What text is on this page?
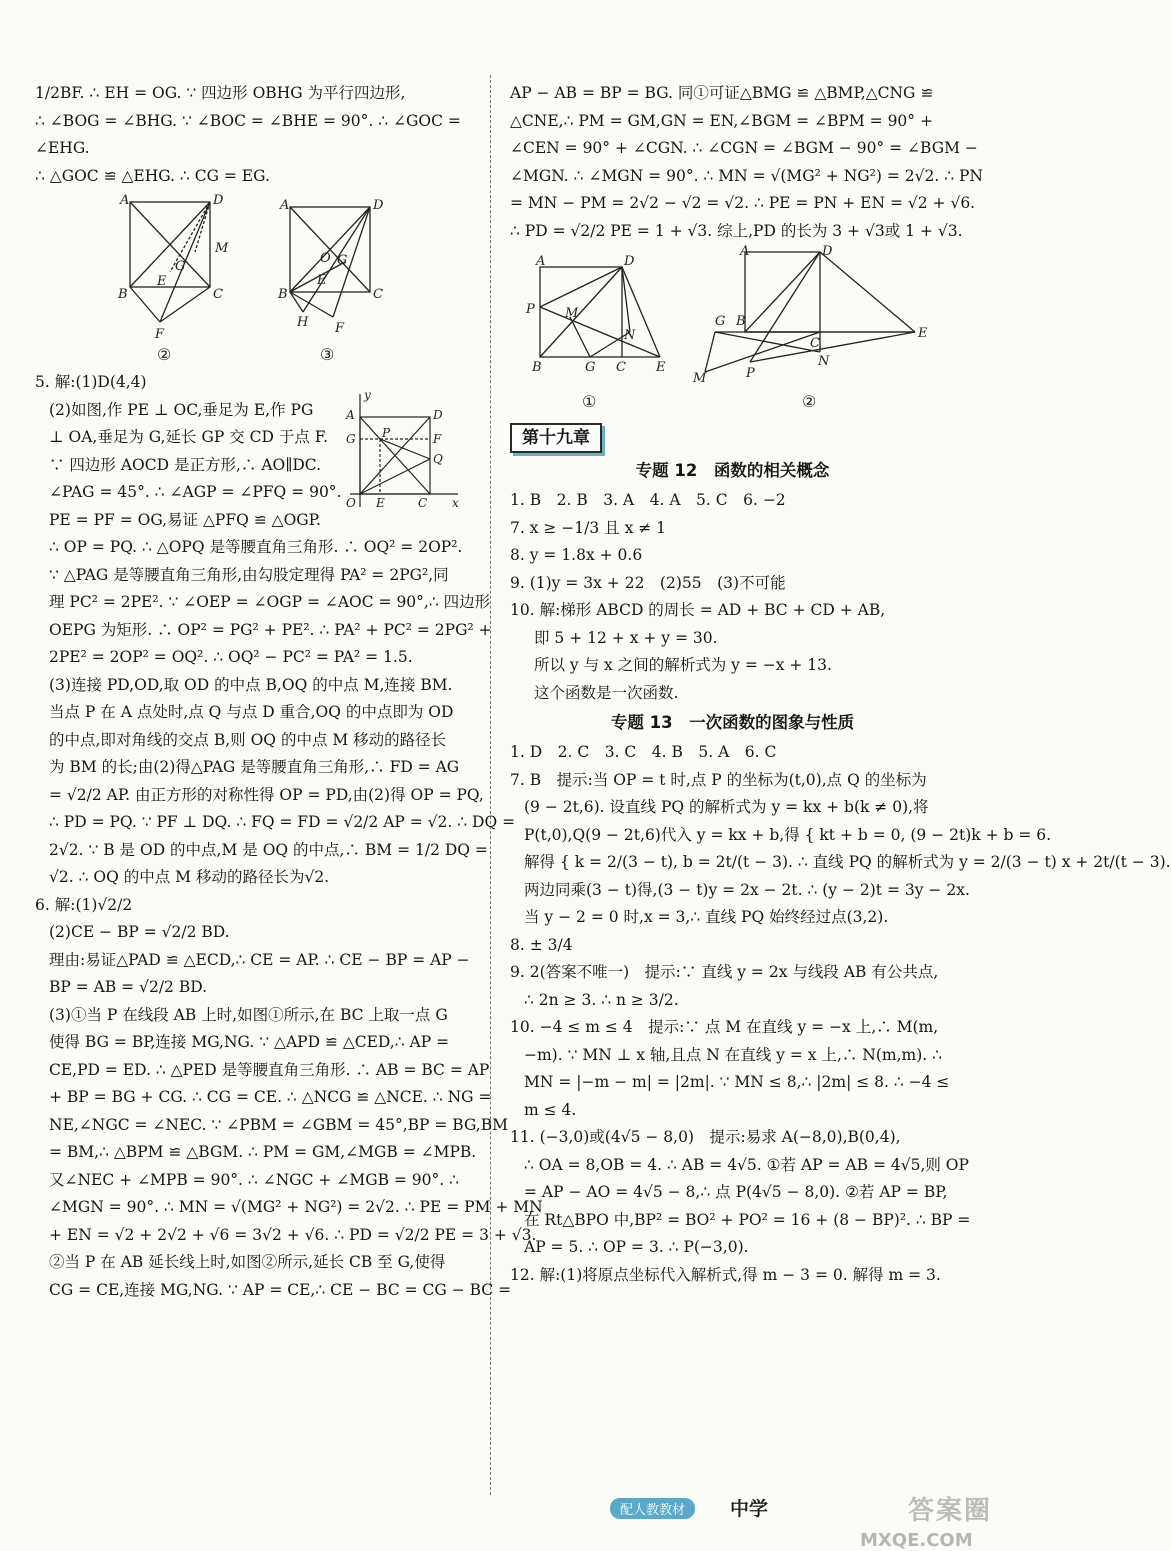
1/2BF. ∴ EH = OG. ∵ 四边形 OBHG 为平行四边形,
∴ ∠BOG = ∠BHG. ∵ ∠BOC = ∠BHE = 90°. ∴ ∠GOC =
∠EHG.
∴ △GOC ≌ △EHG. ∴ CG = EG.
A	D
B	C
F
M
G
E
A	D
B	C
H F
O G
E
②	③
y
x
O E	C
A
G
D
F
Q
P
5. 解:(1)D(4,4)
(2)如图,作 PE ⊥ OC,垂足为 E,作 PG
⊥ OA,垂足为 G,延长 GP 交 CD 于点 F.
∵ 四边形 AOCD 是正方形,∴ AO∥DC.
∠PAG = 45°. ∴ ∠AGP = ∠PFQ = 90°.
PE = PF = OG,易证 △PFQ ≌ △OGP.
∴ OP = PQ. ∴ △OPQ 是等腰直角三角形. ∴ OQ² = 2OP².
∵ △PAG 是等腰直角三角形,由勾股定理得 PA² = 2PG²,同
理 PC² = 2PE². ∵ ∠OEP = ∠OGP = ∠AOC = 90°,∴ 四边形
OEPG 为矩形. ∴ OP² = PG² + PE². ∴ PA² + PC² = 2PG² +
2PE² = 2OP² = OQ². ∴ OQ² − PC² = PA² = 1.5.
(3)连接 PD,OD,取 OD 的中点 B,OQ 的中点 M,连接 BM.
当点 P 在 A 点处时,点 Q 与点 D 重合,OQ 的中点即为 OD
的中点,即对角线的交点 B,则 OQ 的中点 M 移动的路径长
为 BM 的长;由(2)得△PAG 是等腰直角三角形,∴ FD = AG
= √2/2 AP. 由正方形的对称性得 OP = PD,由(2)得 OP = PQ,
∴ PD = PQ. ∵ PF ⊥ DQ. ∴ FQ = FD = √2/2 AP = √2. ∴ DQ =
2√2. ∵ B 是 OD 的中点,M 是 OQ 的中点,∴ BM = 1/2 DQ =
√2. ∴ OQ 的中点 M 移动的路径长为√2.
6. 解:(1)√2/2
(2)CE − BP = √2/2 BD.
理由:易证△PAD ≌ △ECD,∴ CE = AP. ∴ CE − BP = AP −
BP = AB = √2/2 BD.
(3)①当 P 在线段 AB 上时,如图①所示,在 BC 上取一点 G
使得 BG = BP,连接 MG,NG. ∵ △APD ≌ △CED,∴ AP =
CE,PD = ED. ∴ △PED 是等腰直角三角形. ∴ AB = BC = AP
+ BP = BG + CG. ∴ CG = CE. ∴ △NCG ≌ △NCE. ∴ NG =
NE,∠NGC = ∠NEC. ∵ ∠PBM = ∠GBM = 45°,BP = BG,BM
= BM,∴ △BPM ≌ △BGM. ∴ PM = GM,∠MGB = ∠MPB.
又∠NEC + ∠MPB = 90°. ∴ ∠NGC + ∠MGB = 90°. ∴
∠MGN = 90°. ∴ MN = √(MG² + NG²) = 2√2. ∴ PE = PM + MN
+ EN = √2 + 2√2 + √6 = 3√2 + √6. ∴ PD = √2/2 PE = 3 + √3.
②当 P 在 AB 延长线上时,如图②所示,延长 CB 至 G,使得
CG = CE,连接 MG,NG. ∵ AP = CE,∴ CE − BC = CG − BC =
AP − AB = BP = BG. 同①可证△BMG ≌ △BMP,△CNG ≌
△CNE,∴ PM = GM,GN = EN,∠BGM = ∠BPM = 90° +
∠CEN = 90° + ∠CGN. ∴ ∠CGN = ∠BGM − 90° = ∠BGM −
∠MGN. ∴ ∠MGN = 90°. ∴ MN = √(MG² + NG²) = 2√2. ∴ PN
= MN − PM = 2√2 − √2 = √2. ∴ PE = PN + EN = √2 + √6.
∴ PD = √2/2 PE = 1 + √3. 综上,PD 的长为 3 + √3或 1 + √3.
A	D
P M
B	G C E
N
A	D
G B
C
N
E
M	P
①	②
第十九章
专题 12　函数的相关概念
1. B　2. B　3. A　4. A　5. C　6. −2
7. x ≥ −1/3 且 x ≠ 1
8. y = 1.8x + 0.6
9. (1)y = 3x + 22　(2)55　(3)不可能
10. 解:梯形 ABCD 的周长 = AD + BC + CD + AB,
即 5 + 12 + x + y = 30.
所以 y 与 x 之间的解析式为 y = −x + 13.
这个函数是一次函数.
专题 13　一次函数的图象与性质
1. D　2. C　3. C　4. B　5. A　6. C
7. B　提示:当 OP = t 时,点 P 的坐标为(t,0),点 Q 的坐标为
(9 − 2t,6). 设直线 PQ 的解析式为 y = kx + b(k ≠ 0),将
P(t,0),Q(9 − 2t,6)代入 y = kx + b,得 { kt + b = 0, (9 − 2t)k + b = 6.
解得 { k = 2/(3 − t), b = 2t/(t − 3). ∴ 直线 PQ 的解析式为 y = 2/(3 − t) x + 2t/(t − 3).
两边同乘(3 − t)得,(3 − t)y = 2x − 2t. ∴ (y − 2)t = 3y − 2x.
当 y − 2 = 0 时,x = 3,∴ 直线 PQ 始终经过点(3,2).
8. ± 3/4
9. 2(答案不唯一)　提示:∵ 直线 y = 2x 与线段 AB 有公共点,
∴ 2n ≥ 3. ∴ n ≥ 3/2.
10. −4 ≤ m ≤ 4　提示:∵ 点 M 在直线 y = −x 上,∴ M(m,
−m). ∵ MN ⊥ x 轴,且点 N 在直线 y = x 上,∴ N(m,m). ∴
MN = |−m − m| = |2m|. ∵ MN ≤ 8,∴ |2m| ≤ 8. ∴ −4 ≤
m ≤ 4.
11. (−3,0)或(4√5 − 8,0)　提示:易求 A(−8,0),B(0,4),
∴ OA = 8,OB = 4. ∴ AB = 4√5. ①若 AP = AB = 4√5,则 OP
= AP − AO = 4√5 − 8,∴ 点 P(4√5 − 8,0). ②若 AP = BP,
在 Rt△BPO 中,BP² = BO² + PO² = 16 + (8 − BP)². ∴ BP =
AP = 5. ∴ OP = 3. ∴ P(−3,0).
12. 解:(1)将原点坐标代入解析式,得 m − 3 = 0. 解得 m = 3.
配人教教材	中学	答案圈
MXQE.COM
